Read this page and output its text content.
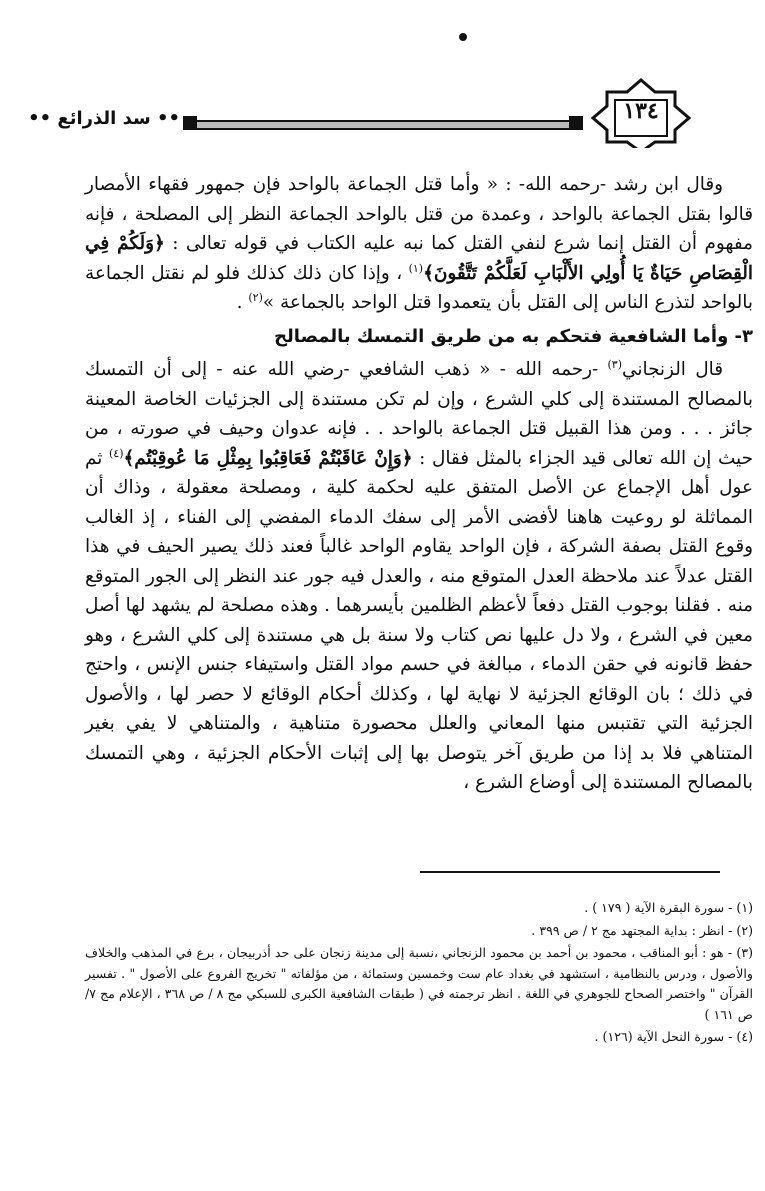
•• سد الذرائع ••	١٣٤

وقال ابن رشد -رحمه الله- : « وأما قتل الجماعة بالواحد فإن جمهور فقهاء الأمصار قالوا بقتل الجماعة بالواحد ، وعمدة من قتل بالواحد الجماعة النظر إلى المصلحة ، فإنه مفهوم أن القتل إنما شرع لنفي القتل كما نبه عليه الكتاب في قوله تعالى : ﴿وَلَكُمْ فِي الْقِصَاصِ حَيَاةٌ يَا أُولِي الأَلْبَابِ لَعَلَّكُمْ تَتَّقُونَ﴾$^{(١)}$ ، وإذا كان ذلك كذلك فلو لم نقتل الجماعة بالواحد لتذرع الناس إلى القتل بأن يتعمدوا قتل الواحد بالجماعة »$^{(٢)}$ .

٣- وأما الشافعية فتحكم به من طريق التمسك بالمصالح

قال الزنجاني$^{(٣)}$ -رحمه الله - « ذهب الشافعي -رضي الله عنه - إلى أن التمسك بالمصالح المستندة إلى كلي الشرع ، وإن لم تكن مستندة إلى الجزئيات الخاصة المعينة جائز . . . ومن هذا القبيل قتل الجماعة بالواحد . . فإنه عدوان وحيف في صورته ، من حيث إن الله تعالى قيد الجزاء بالمثل فقال : ﴿وَإِنْ عَاقَبْتُمْ فَعَاقِبُوا بِمِثْلِ مَا عُوقِبْتُم﴾$^{(٤)}$ ثم عول أهل الإجماع عن الأصل المتفق عليه لحكمة كلية ، ومصلحة معقولة ، وذاك أن المماثلة لو روعيت هاهنا لأفضى الأمر إلى سفك الدماء المفضي إلى الفناء ، إذ الغالب وقوع القتل بصفة الشركة ، فإن الواحد يقاوم الواحد غالباً فعند ذلك يصير الحيف في هذا القتل عدلاً عند ملاحظة العدل المتوقع منه ، والعدل فيه جور عند النظر إلى الجور المتوقع منه . فقلنا بوجوب القتل دفعاً لأعظم الظلمين بأيسرهما . وهذه مصلحة لم يشهد لها أصل معين في الشرع ، ولا دل عليها نص كتاب ولا سنة بل هي مستندة إلى كلي الشرع ، وهو حفظ قانونه في حقن الدماء ، مبالغة في حسم مواد القتل واستيفاء جنس الإنس ، واحتج في ذلك ؛ بان الوقائع الجزئية لا نهاية لها ، وكذلك أحكام الوقائع لا حصر لها ، والأصول الجزئية التي تقتبس منها المعاني والعلل محصورة متناهية ، والمتناهي لا يفي بغير المتناهي فلا بد إذا من طريق آخر يتوصل بها إلى إثبات الأحكام الجزئية ، وهي التمسك بالمصالح المستندة إلى أوضاع الشرع ،

(١) - سورة البقرة الآية ( ١٧٩ ) .
(٢) - انظر : بداية المجتهد مج ٢ / ص ٣٩٩ .
(٣) - هو : أبو المناقب ، محمود بن أحمد بن محمود الزنجاني ،نسبة إلى مدينة زنجان على حد أذربيجان ، برع في المذهب والخلاف والأصول ، ودرس بالنظامية ، استشهد في بغداد عام ست وخمسين وستمائة ، من مؤلفاته " تخريج الفروع على الأصول " . تفسير القرآن " واختصر الصحاح للجوهري في اللغة . انظر ترجمته في ( طبقات الشافعية الكبرى للسبكي مج ٨ / ص ٣٦٨ ، الإعلام مج ٧/ ص ١٦١ )
(٤) - سورة النحل الآية (١٢٦) .
